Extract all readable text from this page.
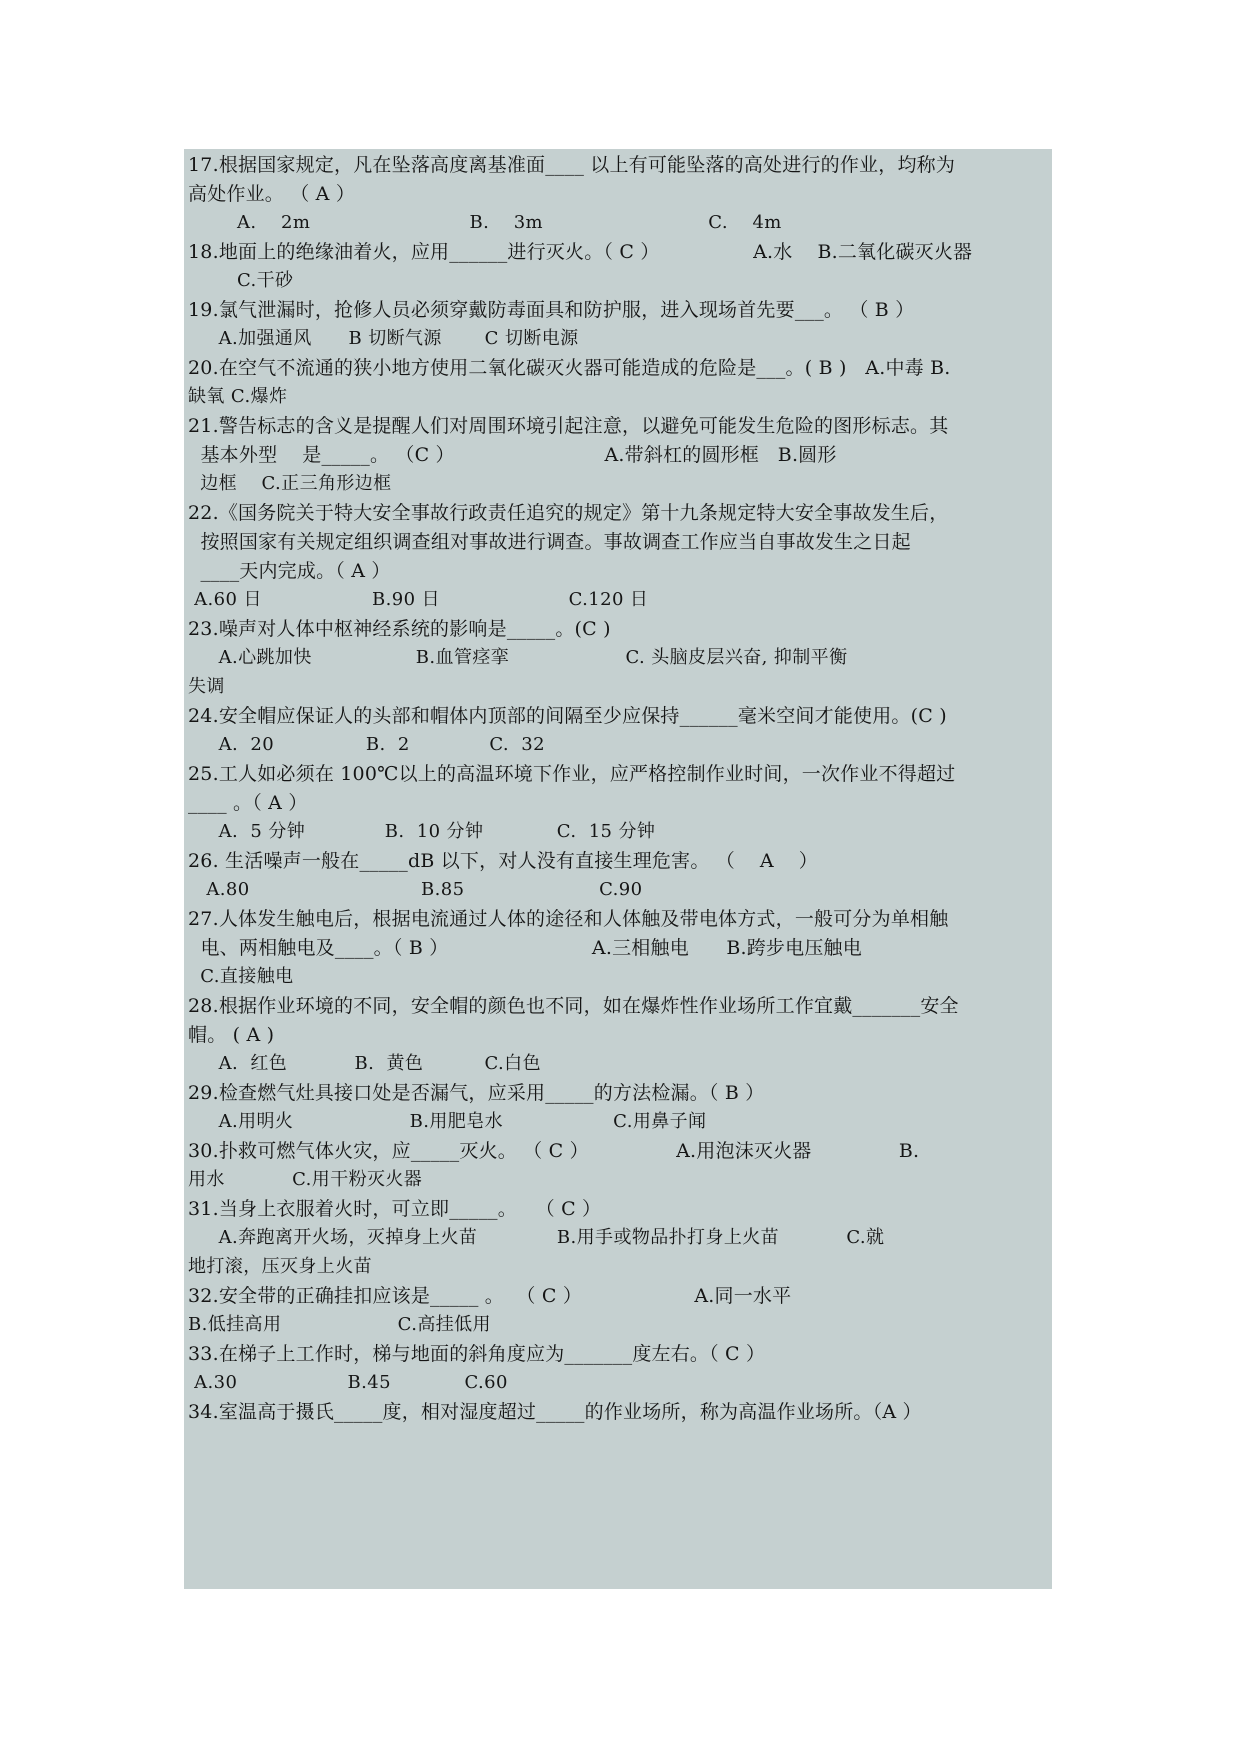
17.根据国家规定，凡在坠落高度离基准面____ 以上有可能坠落的高处进行的作业，均称为
高处作业。 （ A ）
A.    2m                          B.    3m                           C.    4m
18.地面上的绝缘油着火，应用______进行灭火。（ C ）               A.水    B.二氧化碳灭火器
C.干砂
19.氯气泄漏时，抢修人员必须穿戴防毒面具和防护服，进入现场首先要___。 （ B ）
A.加强通风      B 切断气源       C 切断电源
20.在空气不流通的狭小地方使用二氧化碳灭火器可能造成的危险是___。( B )   A.中毒 B.
缺氧 C.爆炸
21.警告标志的含义是提醒人们对周围环境引起注意，以避免可能发生危险的图形标志。其
基本外型    是_____。 （C ）                        A.带斜杠的圆形框   B.圆形
边框    C.正三角形边框
22.《国务院关于特大安全事故行政责任追究的规定》第十九条规定特大安全事故发生后，
按照国家有关规定组织调查组对事故进行调查。事故调查工作应当自事故发生之日起
____天内完成。（ A ）
A.60 日                  B.90 日                     C.120 日
23.噪声对人体中枢神经系统的影响是_____。(C )
A.心跳加快                 B.血管痉挛                   C. 头脑皮层兴奋, 抑制平衡
失调
24.安全帽应保证人的头部和帽体内顶部的间隔至少应保持______毫米空间才能使用。(C )
A.  20               B.  2             C.  32
25.工人如必须在 100℃以上的高温环境下作业，应严格控制作业时间，一次作业不得超过
____ 。（ A ）
A.  5 分钟             B.  10 分钟            C.  15 分钟
26. 生活噪声一般在_____dB 以下，对人没有直接生理危害。 （    A    ）
A.80                            B.85                      C.90
27.人体发生触电后，根据电流通过人体的途径和人体触及带电体方式，一般可分为单相触
电、两相触电及____。（ B ）                       A.三相触电      B.跨步电压触电
C.直接触电
28.根据作业环境的不同，安全帽的颜色也不同，如在爆炸性作业场所工作宜戴_______安全
帽。 ( A )
A.  红色           B.  黄色          C.白色
29.检查燃气灶具接口处是否漏气，应采用_____的方法检漏。（ B ）
A.用明火                   B.用肥皂水                  C.用鼻子闻
30.扑救可燃气体火灾，应_____灭火。 （ C ）              A.用泡沫灭火器              B.
用水           C.用干粉灭火器
31.当身上衣服着火时，可立即_____。   （ C ）
A.奔跑离开火场，灭掉身上火苗             B.用手或物品扑打身上火苗           C.就
地打滚，压灭身上火苗
32.安全带的正确挂扣应该是_____ 。  （ C ）                  A.同一水平
B.低挂高用                   C.高挂低用
33.在梯子上工作时，梯与地面的斜角度应为_______度左右。（ C ）
A.30                  B.45            C.60
34.室温高于摄氏_____度，相对湿度超过_____的作业场所，称为高温作业场所。（A ）
